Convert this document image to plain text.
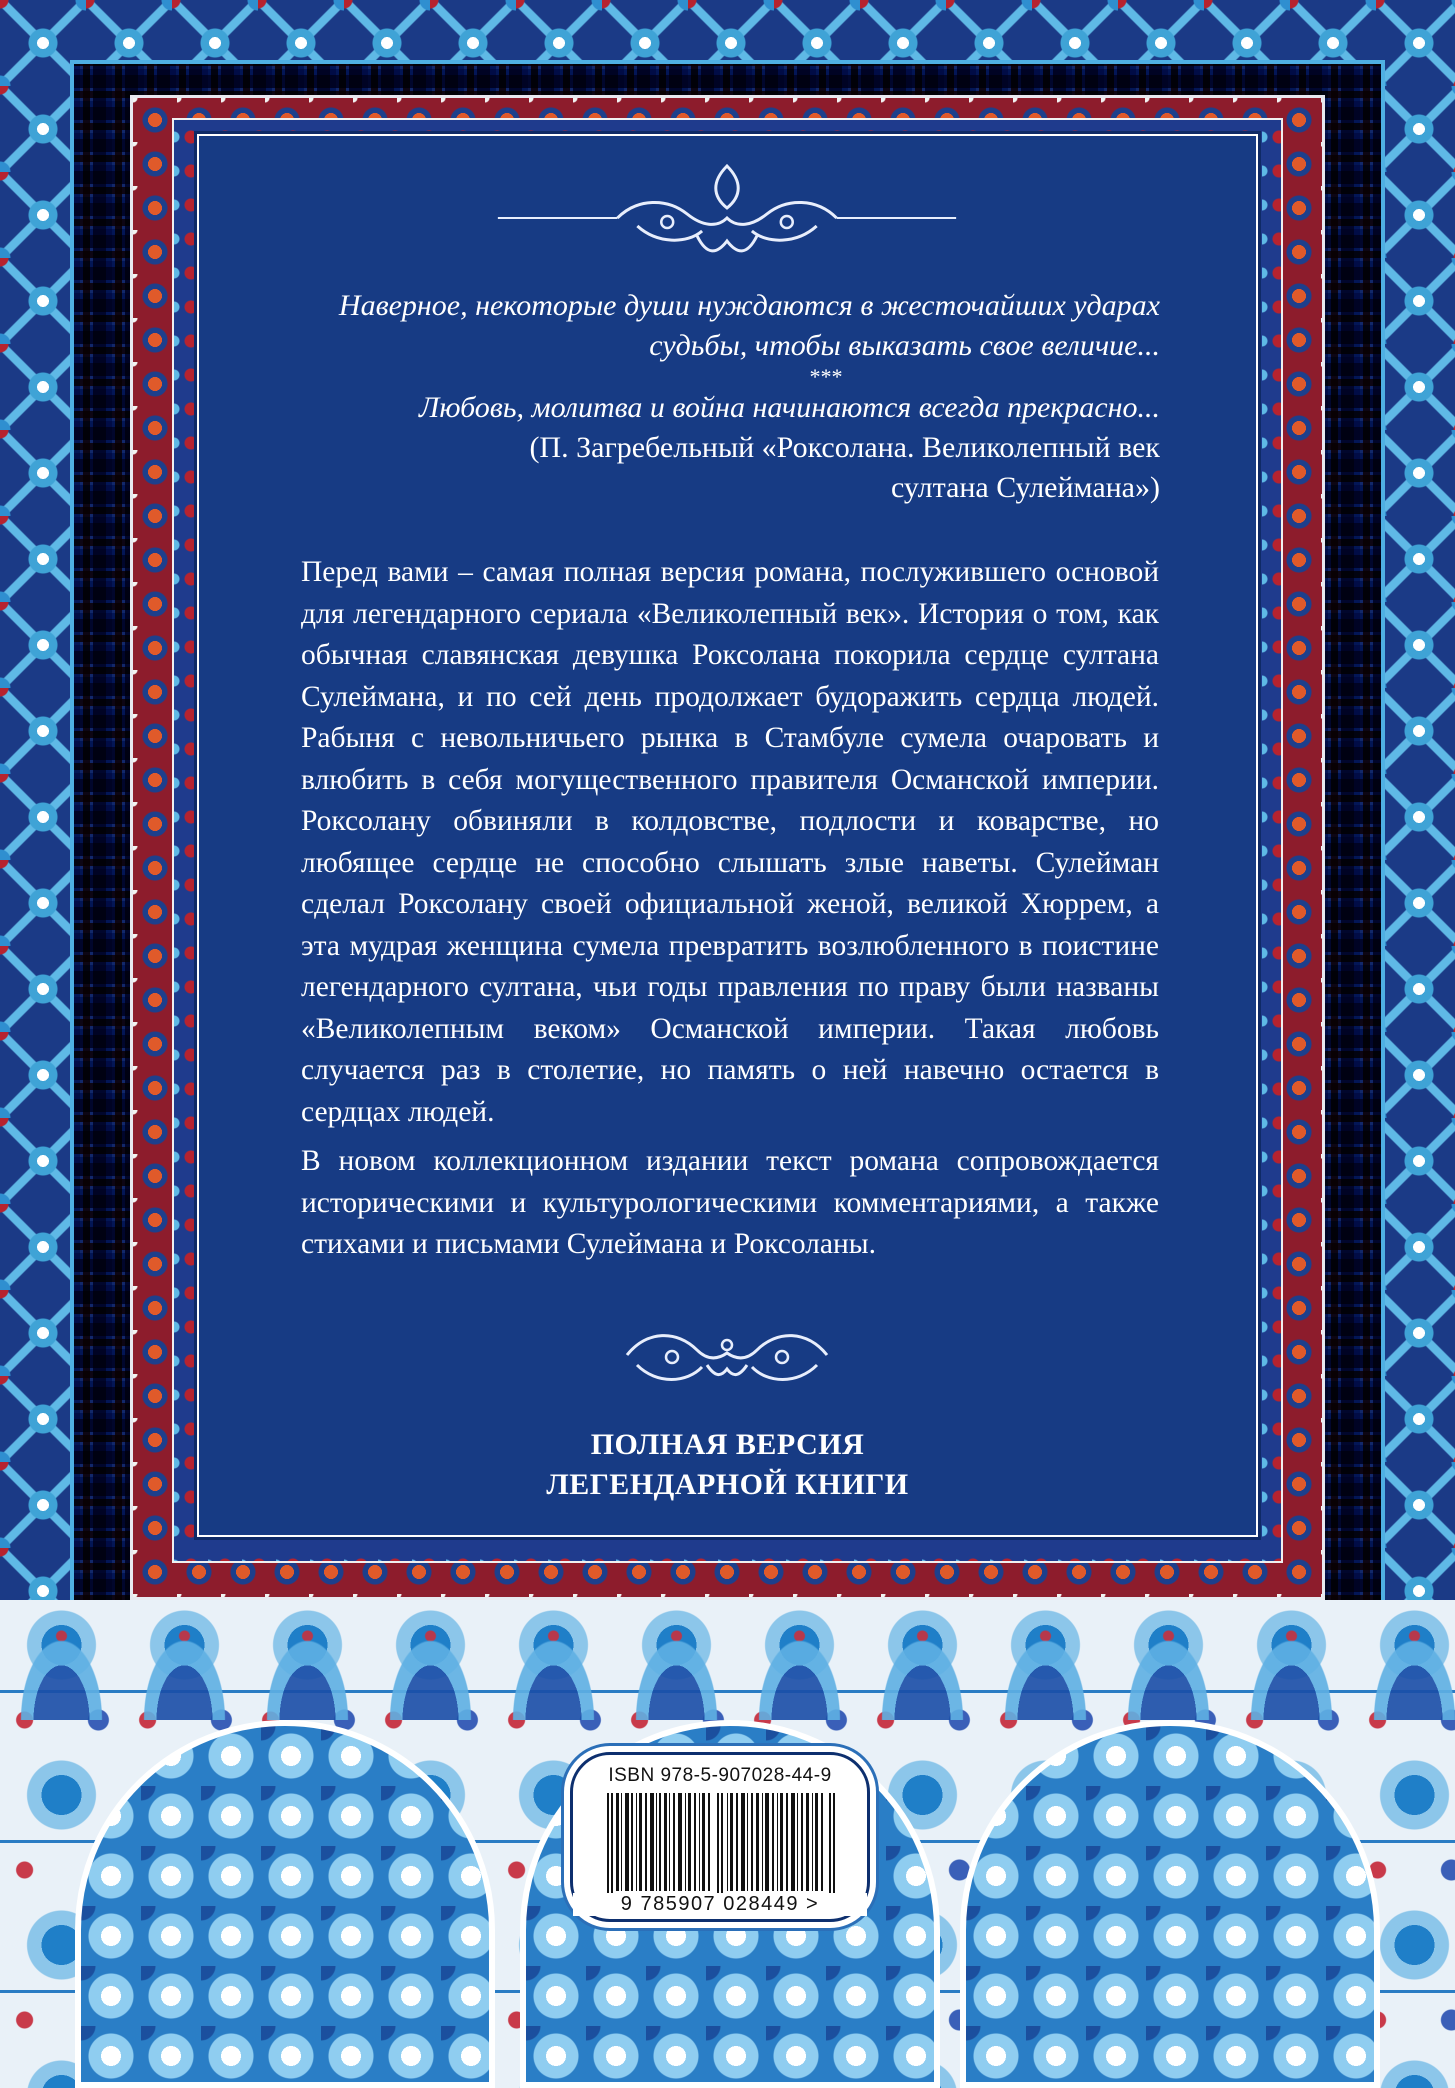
Наверное, некоторые души нуждаются в жесточайших ударах
судьбы, чтобы выказать свое величие...
***
Любовь, молитва и война начинаются всегда прекрасно...
(П. Загребельный «Роксолана. Великолепный век
султана Сулеймана»)

Перед вами – самая полная версия романа, послужившего основой для легендарного сериала «Великолепный век». История о том, как обычная славянская девушка Роксолана покорила сердце султана Сулеймана, и по сей день продолжает будоражить сердца людей. Рабыня с невольничьего рынка в Стамбуле сумела очаровать и влюбить в себя могущественного правителя Османской империи. Роксолану обвиняли в колдовстве, подлости и коварстве, но любящее сердце не способно слышать злые наветы. Сулейман сделал Роксолану своей официальной женой, великой Хюррем, а эта мудрая женщина сумела превратить возлюбленного в поистине легендарного султана, чьи годы правления по праву были названы «Великолепным веком» Османской империи. Такая любовь случается раз в столетие, но память о ней навечно остается в сердцах людей.

В новом коллекционном издании текст романа сопровождается историческими и культурологическими комментариями, а также стихами и письмами Сулеймана и Роксоланы.

ПОЛНАЯ ВЕРСИЯ
ЛЕГЕНДАРНОЙ КНИГИ
ISBN 978-5-907028-44-9
9 785907 028449 >
